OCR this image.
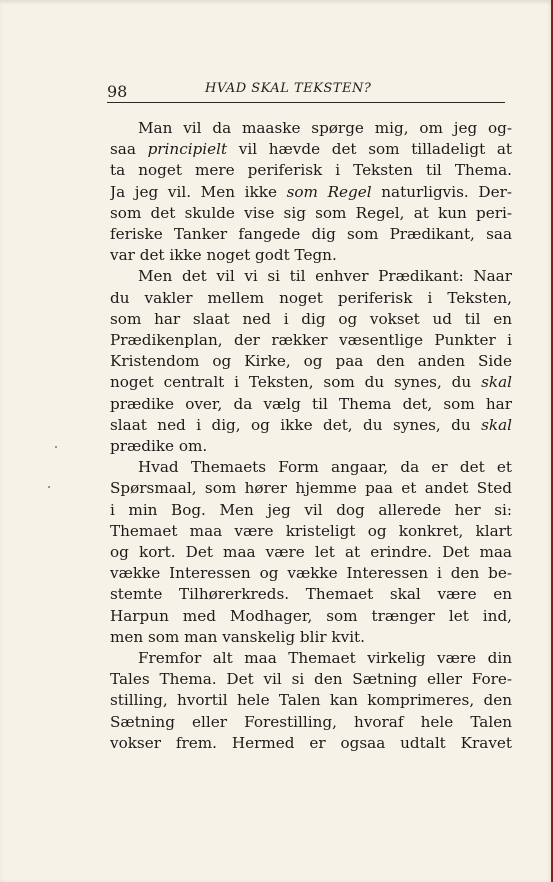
98	HVAD SKAL TEKSTEN?
Man vil da maaske spørge mig, om jeg og-
saa principielt vil hævde det som tilladeligt at
ta noget mere periferisk i Teksten til Thema.
Ja jeg vil. Men ikke som Regel naturligvis. Der-
som det skulde vise sig som Regel, at kun peri-
feriske Tanker fangede dig som Prædikant, saa
var det ikke noget godt Tegn.
Men det vil vi si til enhver Prædikant: Naar
du vakler mellem noget periferisk i Teksten,
som har slaat ned i dig og vokset ud til en
Prædikenplan, der rækker væsentlige Punkter i
Kristendom og Kirke, og paa den anden Side
noget centralt i Teksten, som du synes, du skal
prædike over, da vælg til Thema det, som har
slaat ned i dig, og ikke det, du synes, du skal
prædike om.
Hvad Themaets Form angaar, da er det et
Spørsmaal, som hører hjemme paa et andet Sted
i min Bog. Men jeg vil dog allerede her si:
Themaet maa være kristeligt og konkret, klart
og kort. Det maa være let at erindre. Det maa
vække Interessen og vække Interessen i den be-
stemte Tilhørerkreds. Themaet skal være en
Harpun med Modhager, som trænger let ind,
men som man vanskelig blir kvit.
Fremfor alt maa Themaet virkelig være din
Tales Thema. Det vil si den Sætning eller Fore-
stilling, hvortil hele Talen kan komprimeres, den
Sætning eller Forestilling, hvoraf hele Talen
vokser frem. Hermed er ogsaa udtalt Kravet
